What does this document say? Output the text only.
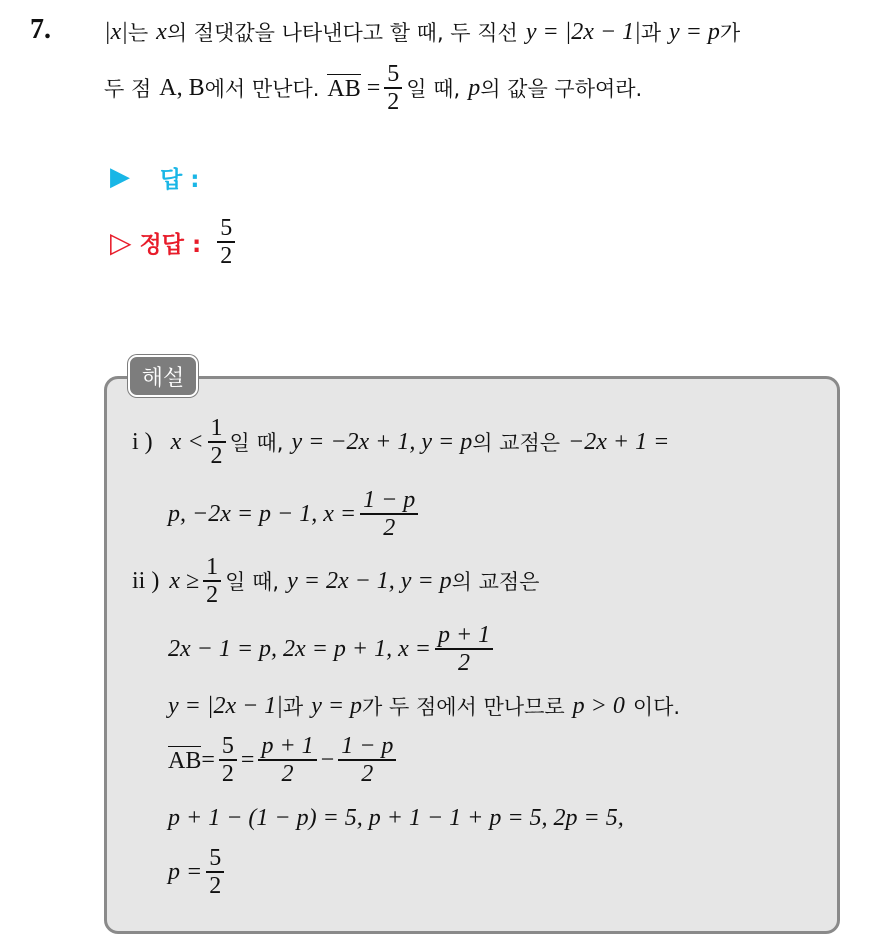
7. |x| 는 x 의 절댓값을 나타낸다고 할 때, 두 직선 y = |2x − 1| 과 y = p 가
두 점 A, B 에서 만난다. AB = $\frac{5}{2}$ 일 때, p 의 값을 구하여라.
▶ 답 :
▷ 정답 : $\frac{5}{2}$
해설
i ) $x < \frac{1}{2}$ 일 때, y = −2x + 1, y = p 의 교점은 −2x + 1 =
p, −2x = p − 1, $x = \frac{1 - p}{2}$
ii ) $x \ge \frac{1}{2}$ 일 때, y = 2x − 1, y = p 의 교점은
2x − 1 = p, 2x = p + 1, $x = \frac{p + 1}{2}$
y = |2x − 1| 과 y = p 가 두 점에서 만나므로 p > 0 이다.
AB = $\frac{5}{2} = \frac{p + 1}{2} - \frac{1 - p}{2}$
p + 1 − (1 − p) = 5, p + 1 − 1 + p = 5, 2p = 5,
$p = \frac{5}{2}$
